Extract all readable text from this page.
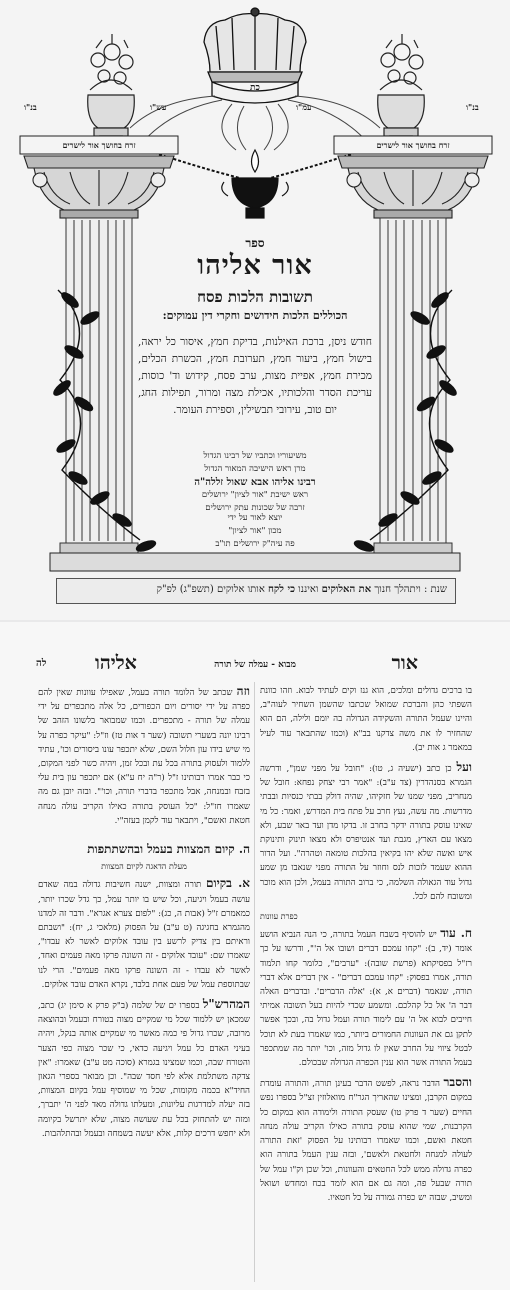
בנ"ו	עש"ו	עמ"ו	בנ"ו
זרח בחושך אור לישרים	זרח בחושך אור לישרים
כת
ספר
אור אליהו
תשובות הלכות פסח
הכוללים הלכות חידושים וחקרי דין עמוקים:
חודש ניסן, ברכת האילנות, בדיקת חמץ, איסור כל יראה, בישול חמץ, ביעור חמץ, תערובת חמץ, הכשרת הכלים, מכירת חמץ, אפיית מצות, ערב פסח, קידוש וד' כוסות, עריכת הסדר והלכותיו, אכילת מצה ומרור, תפילות החג, יום טוב, עירובי תבשילין, וספירת העומר.
משיעוריו וכתביו של רבינו הגדול
מרן ראש הישיבה המאור הגדול
רבינו אליהו אבא שאול זללה"ה
ראש ישיבת "אור לציון" ירושלים
זרבה של שכונות עתק ירושלים
יוצא לאור על ידי
מכון "אור לציון"
פה עיה"ק ירושלים תו"ב
שנת : ויתהלך חנוך את האלוקים ואיננו כי לקח אותו אלוקים (תשפ"ג) לפ"ק
אור
מבוא - עמלה של תורה
אליהו
לה

בו ברכים גדולים ומלכים, הוא גנז וקים לעתיד לבוא. וזהו כוונת השפתי כהן והברכת שמואל שכתבו שהשמן השחיר לעוה"ב, והיינו שעמל התורה והשקידה הגדולה בה יומם ולילה, הם הוא שהחזיר לו את משה צדקנו בב"א (וכמו שהתבאר עוד לעיל במאמר ג אות יב).

ועל כן כתב (ישעיה ג, טו): "חובל על מפני שמן", ודרשה הגמרא בסנהדרין (צד ע"ב): "אמר רבי יצחק נפחא: חובל של מנחריב, מפני שמנו של חזקיהו, שהיה דולק בבתי כנסיות ובבתי מדרשות. מה עשה, נעץ חרב על פתח בית המדרש, ואמר: כל מי שאינו עוסק בתורה ידקר בחרב זו. בדקו מדן ועד באר שבע, ולא מצאו עם הארץ, מגבת ועד אנטיפרס ולא מצאו תינוק ותינוקת איש ואשה שלא יהו בקיאין בהלכות טומאה וטהרה". ועל הדור ההוא שעמד לזכות לנס וחוזר על התורה מפני שנאבו מן שמע גדול עוד הגאולה השלמה, כי ברוב התורה בעמל, ולכן הוא מוכר ומשובח להם לכל.

כפרת עוונות

ח. עוד יש להוסיף בשבח העמל בתורה, כי הנה הנביא הושע אומר (יד, ב): "קחו עמכם דברים ושובו אל ה'", ודרשו על כך רז"ל בפסיקתא (פרשת שובה): "ערבים", כלומר קחו תלמוד תורה, אמרו בפסוק: "קחו עמכם דברים" - אין דברים אלא דברי תורה, שנאמר (דברים א, א): 'אלה הדברים'. ובדברים האלה דבר ה' אל כל קהלכם. ומשמע שכדי להיות בעל תשובה אמיתי חייבים לבוא אל ה' עם לימוד תורה ועמל גדול בה, ובכך אפשר לתקן גם את העוונות החמורים ביותר, כמו שאמרו בעת לא תוכל לבטל ציווי על החרב שאין לו גדול מזה, וכו' יותר מה שמתכפר בעמל התורה אשר הוא ענין הכפרה הגדולה שבכולם.

והסבר הדבר נראה, לפשט הדבר בעינן תורה, והתורה עומדת במקום הקרבן, ומצינו שהאריך הגר"ח מוואלוזין זצ"ל בספרו נפש החיים (שער ד פרק טו) שעסק התורה ולימודה הוא במקום כל הקרבנות, שמי שהוא עוסק בתורה כאילו הקריב עולה מנחה חטאת ואשם, וכמו שאמרו רבותינו על הפסוק 'זאת התורה לעולה למנחה ולחטאת ולאשם', ובזה ענין העמל בתורה הוא כפרה גדולה ממש לכל החטאים והעוונות, וכל שכן וק"ו עמל של תורה שבעל פה, ומה גם אם הוא לומד בכח ומחדש ושואל ומשיב, שבזה יש כפרה גמורה על כל חטאיו.

וזה שכתב של הלומד תורה בעמל, שאפילו עוונות שאין להם כפרה על ידי יסורים ויום הכפורים, כל אלה מתכפרים על ידי עמלה של תורה - מתכפרים. וכמו שמבואר בלשונו הזהב של רבינו יונה בשערי תשובה (שער ד אות טז) וז"ל: "עיקר כפרה על מי שיש בידו עון חלול השם, שלא יתכפר עונו ביסורים וכו', עתיד ללמוד ולעסוק בתורה בכל עת ובכל זמן, ויהיה כשר לפני המקום, כי כבר אמרו רבותינו ז"ל (ר"ה יח ע"א) אם יתכפר עון בית עלי בזבח ובמנחה, אבל מתכפר בדברי תורה, וכו'". ובזה יובן גם מה שאמרו חז"ל: "כל העוסק בתורה כאילו הקריב עולה מנחה חטאת ואשם", ויתבאר עוד לקמן בעזה"י.

ה. קיום המצוות בעמל ובהשתתפות
מעלת הדאגה לקיום המצוות

א. בקיום תורה ומצוות, ישנה חשיבות גדולה במה שאדם עושה בעמל ויגיעה, וכל שיש בו יותר עמל, כך גדל שכרו יותר, כמאמרם ז"ל (אבות ה, כג): "לפום צערא אגרא". ודבר זה למדנו מהגמרא בחגיגה (ט ע"ב) על הפסוק (מלאכי ג, יח): "ושבתם וראיתם בין צדיק לרשע בין עובד אלוקים לאשר לא עבדו", שאמרו שם: "עובד אלוקים - זה השונה פרקו מאה פעמים ואחד, לאשר לא עבדו - זה השונה פרקו מאה פעמים". הרי לנו שבתוספת עמל של פעם אחת בלבד, נקרא האדם עובד אלוקים.

המהרש"ל בספרו ים של שלמה (ב"ק פרק א סימן יג) כתב, שמכאן יש ללמוד שכל מי שמקיים מצוה בטורח ובעמל ובהוצאה מרובה, שכרו גדול פי כמה מאשר מי שמקיים אותה בנקל, ויהיה בעיני האדם כל עמל ויגיעה כדאי, כי שכר מצוה כפי הצער והטורח שבה, וכמו שמצינו בגמרא (סוכה מט ע"ב) שאמרו: "אין צדקה משתלמת אלא לפי חסד שבה". וכן מבואר בספרי הגאון החיד"א בכמה מקומות, שכל מי שמוסיף עמל בקיום המצוות, בזה יעלה למדרגות עליונות, ומעלתו גדולה מאד לפני ה' יתברך, ומזה יש להתחזק בכל עת שעושה מצוה, שלא יתרשל בקיומה ולא יחפש דרכים קלות, אלא יעשה בשמחה ובעמל ובהתלהבות.
